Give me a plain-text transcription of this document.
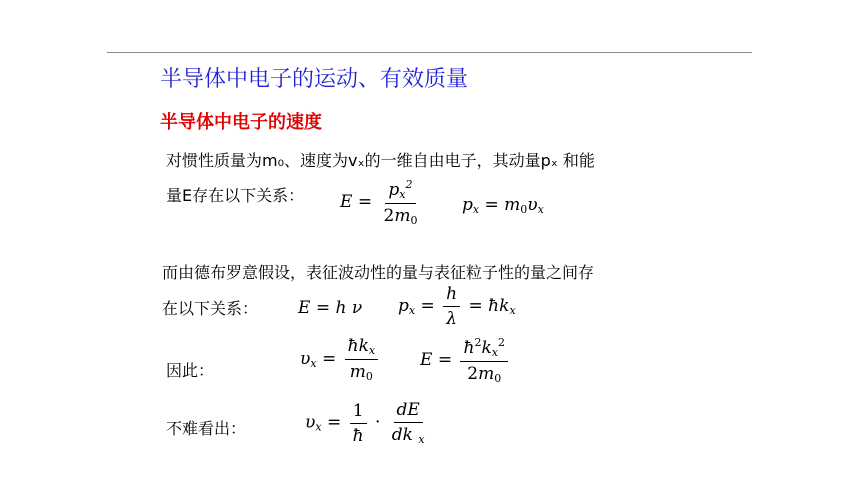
半导体中电子的运动、有效质量
半导体中电子的速度
对惯性质量为m₀、速度为vₓ的一维自由电子，其动量pₓ 和能
量E存在以下关系： $E = \frac{p_x^2}{2m_0} p_x = m_0\upsilon_x$
而由德布罗意假设，表征波动性的量与表征粒子性的量之间存
在以下关系： E = h ν $p_x = \frac{h}{\lambda}$ = $ħk_x$
因此：
$\upsilon_x = \frac{ħk_x}{m_0}$ $E = \frac{ħ^2k_x^2}{2m_0}$
不难看出：	$\upsilon_x = \frac{1}{ħ} \cdot \frac{dE}{dk _x}$
